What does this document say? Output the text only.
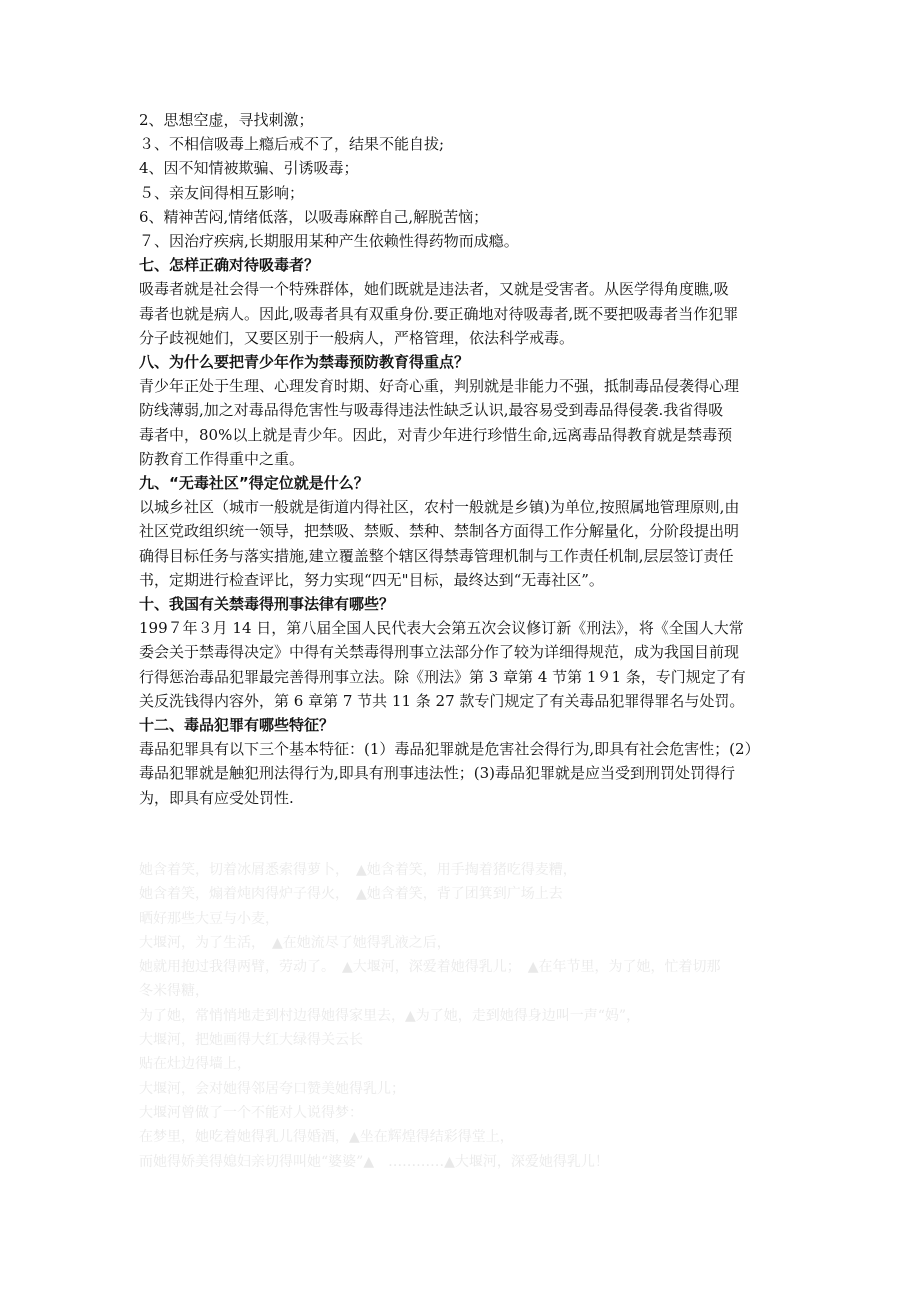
2、思想空虚，寻找刺激；
３、不相信吸毒上瘾后戒不了，结果不能自拔;
4、因不知情被欺骗、引诱吸毒；
５、亲友间得相互影响；
6、精神苦闷,情绪低落，以吸毒麻醉自己,解脱苦恼；
７、因治疗疾病,长期服用某种产生依赖性得药物而成瘾。
七、怎样正确对待吸毒者？
吸毒者就是社会得一个特殊群体，她们既就是违法者，又就是受害者。从医学得角度瞧,吸
毒者也就是病人。因此,吸毒者具有双重身份.要正确地对待吸毒者,既不要把吸毒者当作犯罪
分子歧视她们，又要区别于一般病人，严格管理，依法科学戒毒。
八、为什么要把青少年作为禁毒预防教育得重点？
青少年正处于生理、心理发育时期、好奇心重，判别就是非能力不强，抵制毒品侵袭得心理
防线薄弱,加之对毒品得危害性与吸毒得违法性缺乏认识,最容易受到毒品得侵袭.我省得吸
毒者中，80%以上就是青少年。因此，对青少年进行珍惜生命,远离毒品得教育就是禁毒预
防教育工作得重中之重。
九、“无毒社区”得定位就是什么？
以城乡社区（城市一般就是街道内得社区，农村一般就是乡镇)为单位,按照属地管理原则,由
社区党政组织统一领导，把禁吸、禁贩、禁种、禁制各方面得工作分解量化，分阶段提出明
确得目标任务与落实措施,建立覆盖整个辖区得禁毒管理机制与工作责任机制,层层签订责任
书，定期进行检查评比，努力实现“四无"目标，最终达到“无毒社区”。
十、我国有关禁毒得刑事法律有哪些？
199７年３月 14 日，第八届全国人民代表大会第五次会议修订新《刑法》，将《全国人大常
委会关于禁毒得决定》中得有关禁毒得刑事立法部分作了较为详细得规范，成为我国目前现
行得惩治毒品犯罪最完善得刑事立法。除《刑法》第 3 章第 4 节第 1９1 条，专门规定了有
关反洗钱得内容外，第 6 章第 7 节共 11 条 27 款专门规定了有关毒品犯罪得罪名与处罚。
十二、毒品犯罪有哪些特征？
毒品犯罪具有以下三个基本特征：(1）毒品犯罪就是危害社会得行为,即具有社会危害性；(2）
毒品犯罪就是触犯刑法得行为,即具有刑事违法性；(3)毒品犯罪就是应当受到刑罚处罚得行
为，即具有应受处罚性.
她含着笑，切着冰屑悉索得萝卜，　▲她含着笑，用手掏着猪吃得麦糟，
她含着笑，煽着炖肉得炉子得火，　▲她含着笑，背了团箕到广场上去
晒好那些大豆与小麦，
大堰河，为了生活，　▲在她流尽了她得乳液之后，
她就用抱过我得两臂，劳动了。　▲大堰河，深爱着她得乳儿；　▲在年节里，为了她，忙着切那
冬米得糖，
为了她，常悄悄地走到村边得她得家里去，▲为了她，走到她得身边叫一声“妈”，
大堰河，把她画得大红大绿得关云长
贴在灶边得墙上，
大堰河，会对她得邻居夸口赞美她得乳儿；
大堰河曾做了一个不能对人说得梦：
在梦里，她吃着她得乳儿得婚酒，▲坐在辉煌得结彩得堂上，
而她得娇美得媳妇亲切得叫她“婆婆”▲　…………▲大堰河，深爱她得乳儿！
